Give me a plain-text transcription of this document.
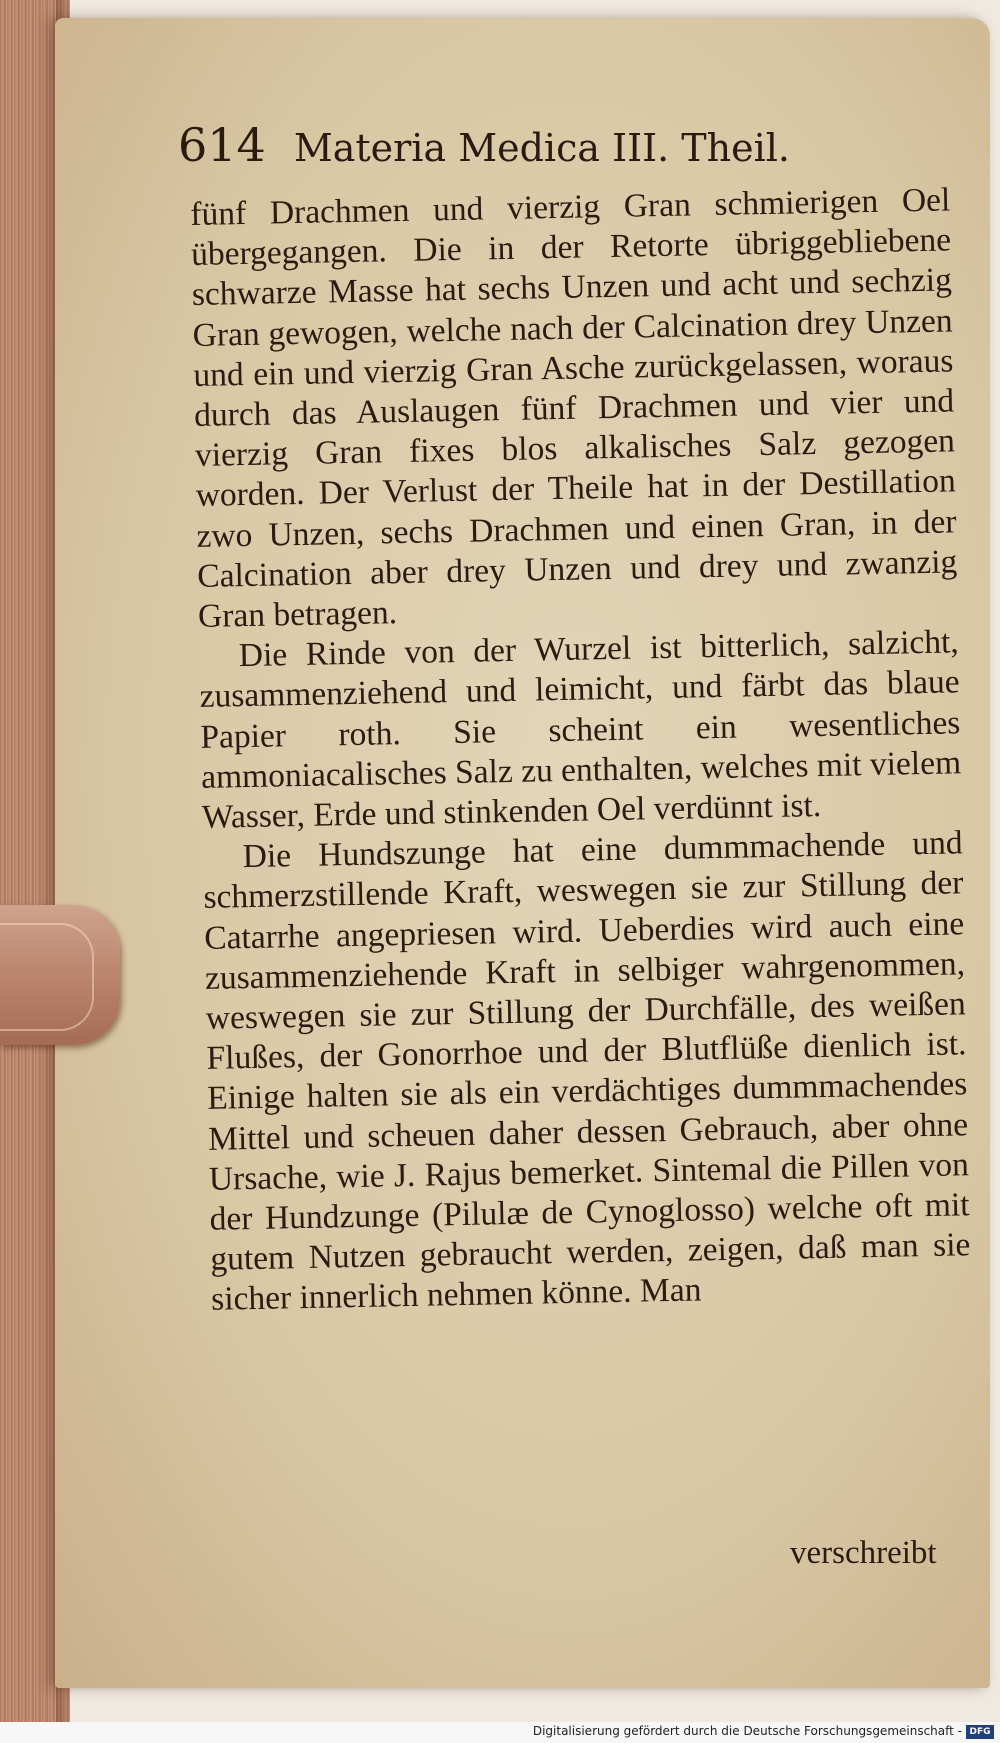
614 Materia Medica III. Theil.

fünf Drachmen und vierzig Gran schmierigen Oel übergegangen. Die in der Retorte übriggebliebene schwarze Masse hat sechs Unzen und acht und sechzig Gran gewogen, welche nach der Calcination drey Unzen und ein und vierzig Gran Asche zurückgelassen, woraus durch das Auslaugen fünf Drachmen und vier und vierzig Gran fixes blos alkalisches Salz gezogen worden. Der Verlust der Theile hat in der Destillation zwo Unzen, sechs Drachmen und einen Gran, in der Calcination aber drey Unzen und drey und zwanzig Gran betragen.

Die Rinde von der Wurzel ist bitterlich, salzicht, zusammenziehend und leimicht, und färbt das blaue Papier roth. Sie scheint ein wesentliches ammoniacalisches Salz zu enthalten, welches mit vielem Wasser, Erde und stinkenden Oel verdünnt ist.

Die Hundszunge hat eine dummmachende und schmerzstillende Kraft, weswegen sie zur Stillung der Catarrhe angepriesen wird. Ueberdies wird auch eine zusammenziehende Kraft in selbiger wahrgenommen, weswegen sie zur Stillung der Durchfälle, des weißen Flußes, der Gonorrhoe und der Blutflüße dienlich ist. Einige halten sie als ein verdächtiges dummmachendes Mittel und scheuen daher dessen Gebrauch, aber ohne Ursache, wie J. Rajus bemerket. Sintemal die Pillen von der Hundzunge (Pilulæ de Cynoglosso) welche oft mit gutem Nutzen gebraucht werden, zeigen, daß man sie sicher innerlich nehmen könne. Man

verschreibt
Digitalisierung gefördert durch die Deutsche Forschungsgemeinschaft - DFG
